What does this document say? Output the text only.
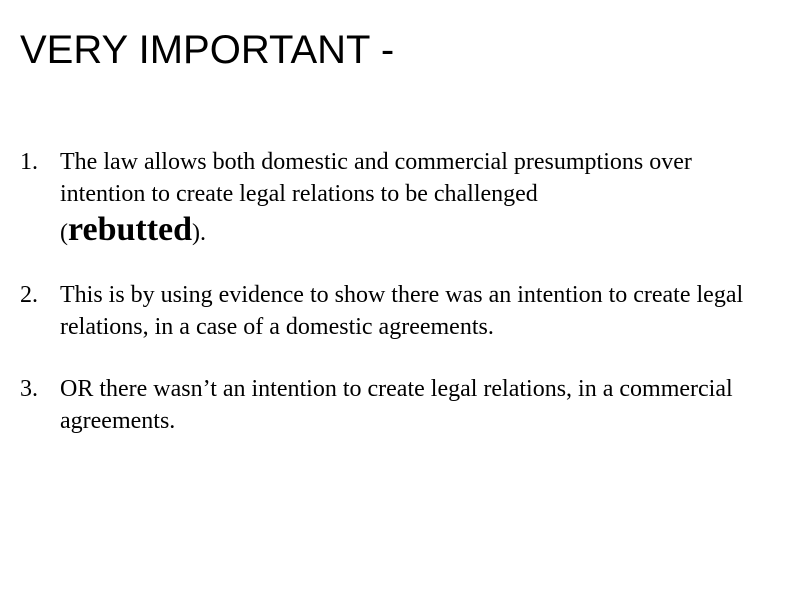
VERY IMPORTANT -
1. The law allows both domestic and commercial presumptions over intention to create legal relations to be challenged
(rebutted).
2. This is by using evidence to show there was an intention to create legal relations, in a case of a domestic agreements.
3. OR there wasn’t an intention to create legal relations, in a commercial agreements.
